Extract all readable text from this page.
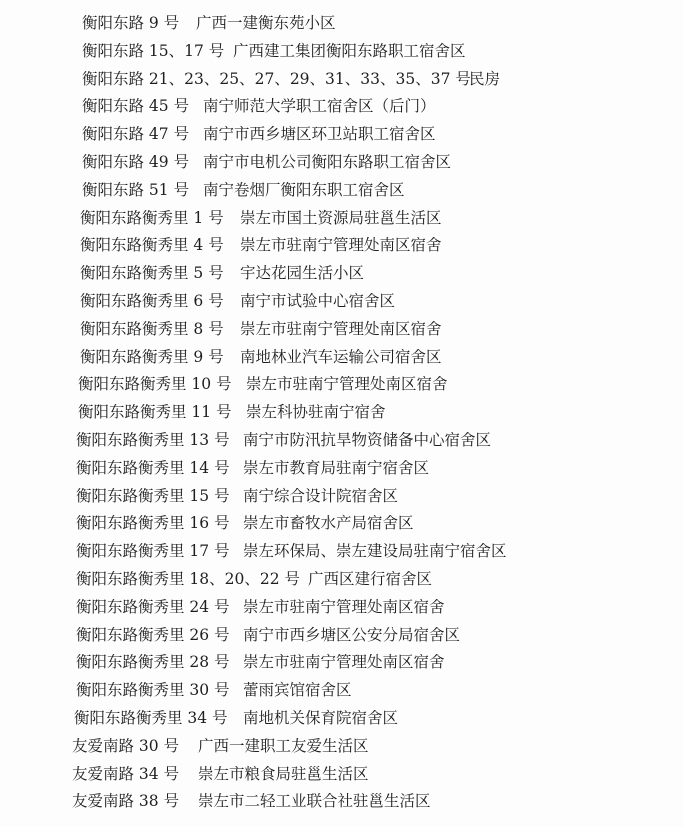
衡阳东路 9 号 广西一建衡东苑小区
衡阳东路 15、17 号 广西建工集团衡阳东路职工宿舍区
衡阳东路 21、23、25、27、29、31、33、35、37 号
民房
衡阳东路 45 号 南宁师范大学职工宿舍区（后门）
衡阳东路 47 号 南宁市西乡塘区环卫站职工宿舍区
衡阳东路 49 号 南宁市电机公司衡阳东路职工宿舍区
衡阳东路 51 号 南宁卷烟厂衡阳东职工宿舍区
衡阳东路衡秀里 1 号 崇左市国土资源局驻邕生活区
衡阳东路衡秀里 4 号 崇左市驻南宁管理处南区宿舍
衡阳东路衡秀里 5 号 宇达花园生活小区
衡阳东路衡秀里 6 号 南宁市试验中心宿舍区
衡阳东路衡秀里 8 号 崇左市驻南宁管理处南区宿舍
衡阳东路衡秀里 9 号 南地林业汽车运输公司宿舍区
衡阳东路衡秀里 10 号 崇左市驻南宁管理处南区宿舍
衡阳东路衡秀里 11 号 崇左科协驻南宁宿舍
衡阳东路衡秀里 13 号 南宁市防汛抗旱物资储备中心宿舍区
衡阳东路衡秀里 14 号 崇左市教育局驻南宁宿舍区
衡阳东路衡秀里 15 号 南宁综合设计院宿舍区
衡阳东路衡秀里 16 号 崇左市畜牧水产局宿舍区
衡阳东路衡秀里 17 号 崇左环保局、崇左建设局驻南宁宿舍区
衡阳东路衡秀里 18、20、22 号 广西区建行宿舍区
衡阳东路衡秀里 24 号 崇左市驻南宁管理处南区宿舍
衡阳东路衡秀里 26 号 南宁市西乡塘区公安分局宿舍区
衡阳东路衡秀里 28 号 崇左市驻南宁管理处南区宿舍
衡阳东路衡秀里 30 号 蕾雨宾馆宿舍区
衡阳东路衡秀里 34 号 南地机关保育院宿舍区
友爱南路 30 号 广西一建职工友爱生活区
友爱南路 34 号 崇左市粮食局驻邕生活区
友爱南路 38 号 崇左市二轻工业联合社驻邕生活区
